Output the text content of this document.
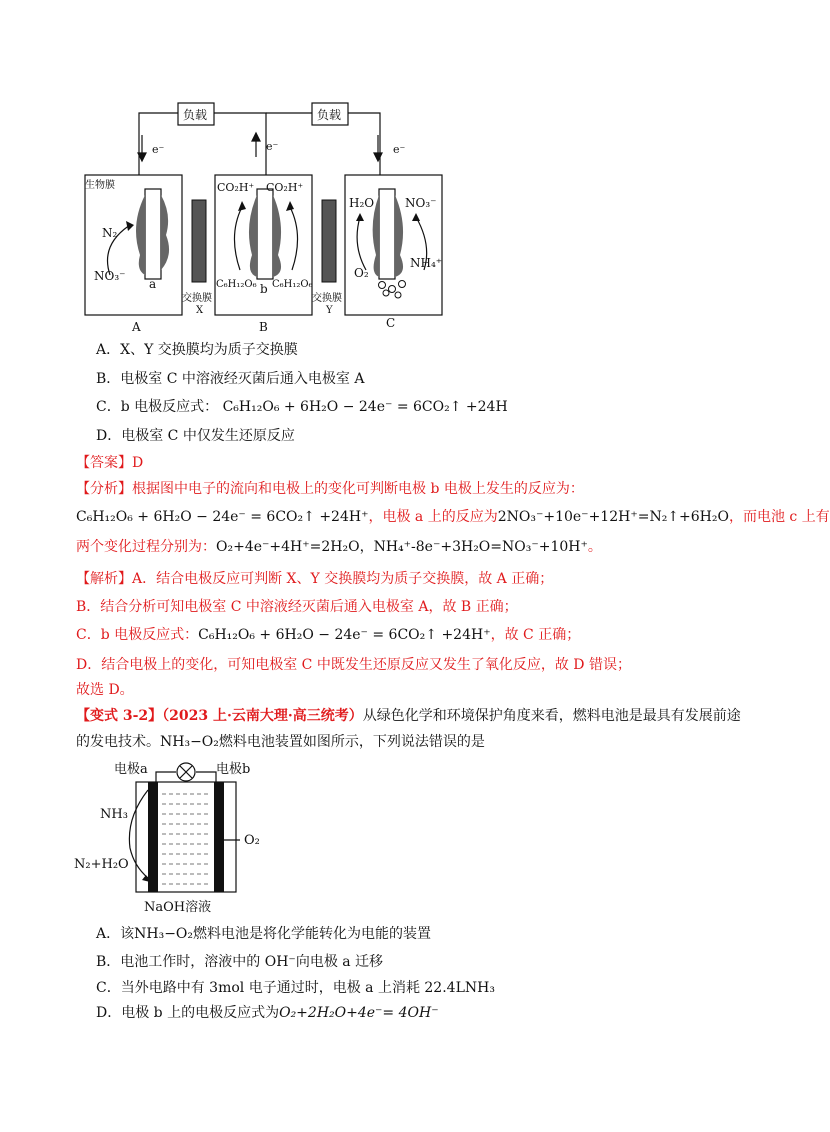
负载	负载
e⁻	e⁻	e⁻
生物膜
N₂
NO₃⁻
a
CO₂H⁺ CO₂H⁺
C₆H₁₂O₆ b C₆H₁₂O₆
H₂O	NO₃⁻
O₂
NH₄⁺
交换膜 X
交换膜 Y
A	B	C
A．X、Y 交换膜均为质子交换膜
B．电极室 C 中溶液经灭菌后通入电极室 A
C．b 电极反应式： C₆H₁₂O₆ + 6H₂O − 24e⁻ = 6CO₂↑ +24H
D．电极室 C 中仅发生还原反应
【答案】D
【分析】根据图中电子的流向和电极上的变化可判断电极 b 电极上发生的反应为：
C₆H₁₂O₆ + 6H₂O − 24e⁻ = 6CO₂↑ +24H⁺，电极 a 上的反应为2NO₃⁻+10e⁻+12H⁺=N₂↑+6H₂O，而电池 c 上有
两个变化过程分别为：O₂+4e⁻+4H⁺=2H₂O，NH₄⁺-8e⁻+3H₂O=NO₃⁻+10H⁺。
【解析】A．结合电极反应可判断 X、Y 交换膜均为质子交换膜，故 A 正确；
B．结合分析可知电极室 C 中溶液经灭菌后通入电极室 A，故 B 正确；
C．b 电极反应式：C₆H₁₂O₆ + 6H₂O − 24e⁻ = 6CO₂↑ +24H⁺，故 C 正确；
D．结合电极上的变化，可知电极室 C 中既发生还原反应又发生了氧化反应，故 D 错误；
故选 D。
【变式 3-2】（2023 上·云南大理·高三统考）从绿色化学和环境保护角度来看，燃料电池是最具有发展前途
的发电技术。NH₃−O₂燃料电池装置如图所示，下列说法错误的是
电极a	电极b
NH₃
N₂+H₂O
O₂
NaOH溶液
A．该NH₃−O₂燃料电池是将化学能转化为电能的装置
B．电池工作时，溶液中的 OH⁻向电极 a 迁移
C．当外电路中有 3mol 电子通过时，电极 a 上消耗 22.4LNH₃
D．电极 b 上的电极反应式为O₂+2H₂O+4e⁻= 4OH⁻
